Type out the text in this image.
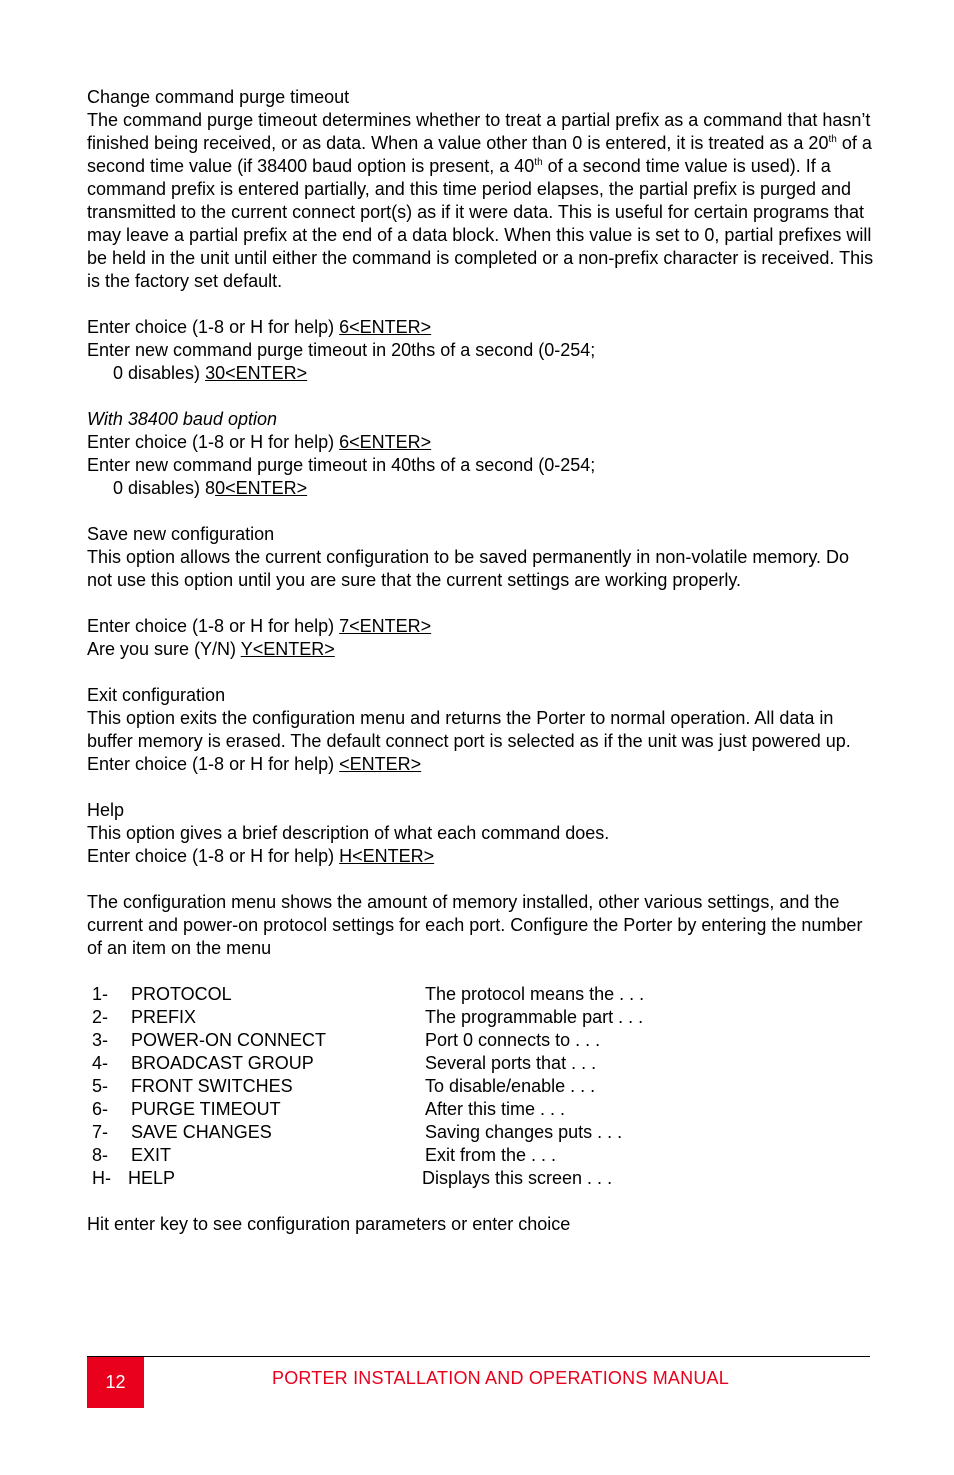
Change command purge timeout

The command purge timeout determines whether to treat a partial prefix as a command that hasn’t finished being received, or as data. When a value other than 0 is entered, it is treated as a 20th of a second time value (if 38400 baud option is present, a 40th of a second time value is used). If a command prefix is entered partially, and this time period elapses, the partial prefix is purged and transmitted to the current connect port(s) as if it were data. This is useful for certain programs that may leave a partial prefix at the end of a data block. When this value is set to 0, partial prefixes will be held in the unit until either the command is completed or a non-prefix character is received. This is the factory set default.

Enter choice (1-8 or H for help) 6<ENTER>

Enter new command purge timeout in 20ths of a second (0-254;

0 disables) 30<ENTER>

With 38400 baud option

Enter choice (1-8 or H for help) 6<ENTER>

Enter new command purge timeout in 40ths of a second (0-254;

0 disables) 80<ENTER>

Save new configuration

This option allows the current configuration to be saved permanently in non-volatile memory. Do not use this option until you are sure that the current settings are working properly.

Enter choice (1-8 or H for help) 7<ENTER>

Are you sure (Y/N) Y<ENTER>

Exit configuration

This option exits the configuration menu and returns the Porter to normal operation. All data in buffer memory is erased. The default connect port is selected as if the unit was just powered up.

Enter choice (1-8 or H for help) <ENTER>

Help

This option gives a brief description of what each command does.

Enter choice (1-8 or H for help) H<ENTER>

The configuration menu shows the amount of memory installed, other various settings, and the current and power-on protocol settings for each port. Configure the Porter by entering the number of an item on the menu

1-	PROTOCOL	The protocol means the . . .
2-	PREFIX	The programmable part . . .
3-	POWER-ON CONNECT	Port 0 connects to . . .
4-	BROADCAST GROUP	Several ports that . . .
5-	FRONT SWITCHES	To disable/enable . . .
6-	PURGE TIMEOUT	After this time . . .
7-	SAVE CHANGES	Saving changes puts . . .
8-	EXIT	Exit from the . . .
H- HELP	Displays this screen . . .

Hit enter key to see configuration parameters or enter choice

12	PORTER INSTALLATION AND OPERATIONS MANUAL
